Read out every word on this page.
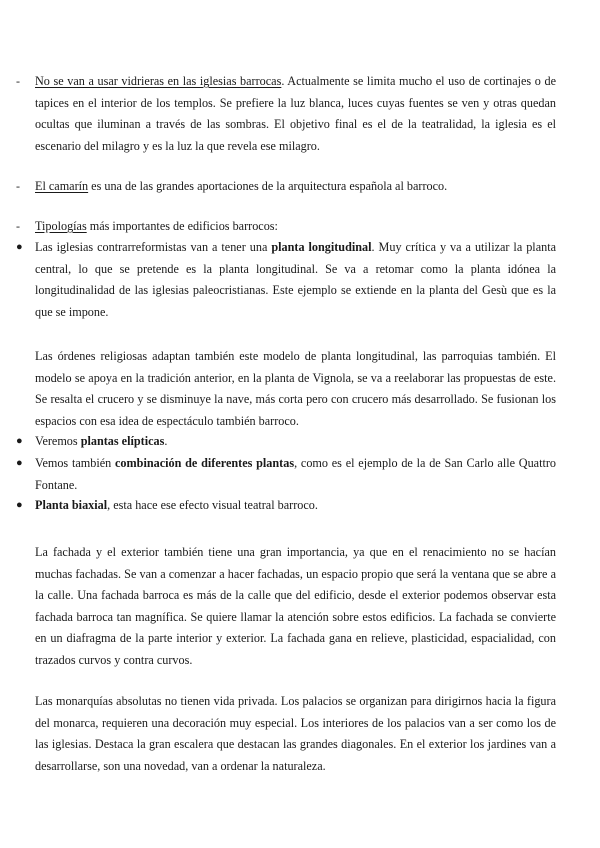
-	No se van a usar vidrieras en las iglesias barrocas. Actualmente se limita mucho el uso de cortinajes o de tapices en el interior de los templos. Se prefiere la luz blanca, luces cuyas fuentes se ven y otras quedan ocultas que iluminan a través de las sombras. El objetivo final es el de la teatralidad, la iglesia es el escenario del milagro y es la luz la que revela ese milagro.

-	El camarín es una de las grandes aportaciones de la arquitectura española al barroco.

-	Tipologías más importantes de edificios barrocos:

●	Las iglesias contrarreformistas van a tener una planta longitudinal. Muy crítica y va a utilizar la planta central, lo que se pretende es la planta longitudinal. Se va a retomar como la planta idónea la longitudinalidad de las iglesias paleocristianas. Este ejemplo se extiende en la planta del Gesù que es la que se impone.

Las órdenes religiosas adaptan también este modelo de planta longitudinal, las parroquias también. El modelo se apoya en la tradición anterior, en la planta de Vignola, se va a reelaborar las propuestas de este. Se resalta el crucero y se disminuye la nave, más corta pero con crucero más desarrollado. Se fusionan los espacios con esa idea de espectáculo también barroco.

●	Veremos plantas elípticas.

●	Vemos también combinación de diferentes plantas, como es el ejemplo de la de San Carlo alle Quattro Fontane.

●	Planta biaxial, esta hace ese efecto visual teatral barroco.

La fachada y el exterior también tiene una gran importancia, ya que en el renacimiento no se hacían muchas fachadas. Se van a comenzar a hacer fachadas, un espacio propio que será la ventana que se abre a la calle. Una fachada barroca es más de la calle que del edificio, desde el exterior podemos observar esta fachada barroca tan magnífica. Se quiere llamar la atención sobre estos edificios. La fachada se convierte en un diafragma de la parte interior y exterior. La fachada gana en relieve, plasticidad, espacialidad, con trazados curvos y contra curvos.

Las monarquías absolutas no tienen vida privada. Los palacios se organizan para dirigirnos hacia la figura del monarca, requieren una decoración muy especial. Los interiores de los palacios van a ser como los de las iglesias. Destaca la gran escalera que destacan las grandes diagonales. En el exterior los jardines van a desarrollarse, son una novedad, van a ordenar la naturaleza.
